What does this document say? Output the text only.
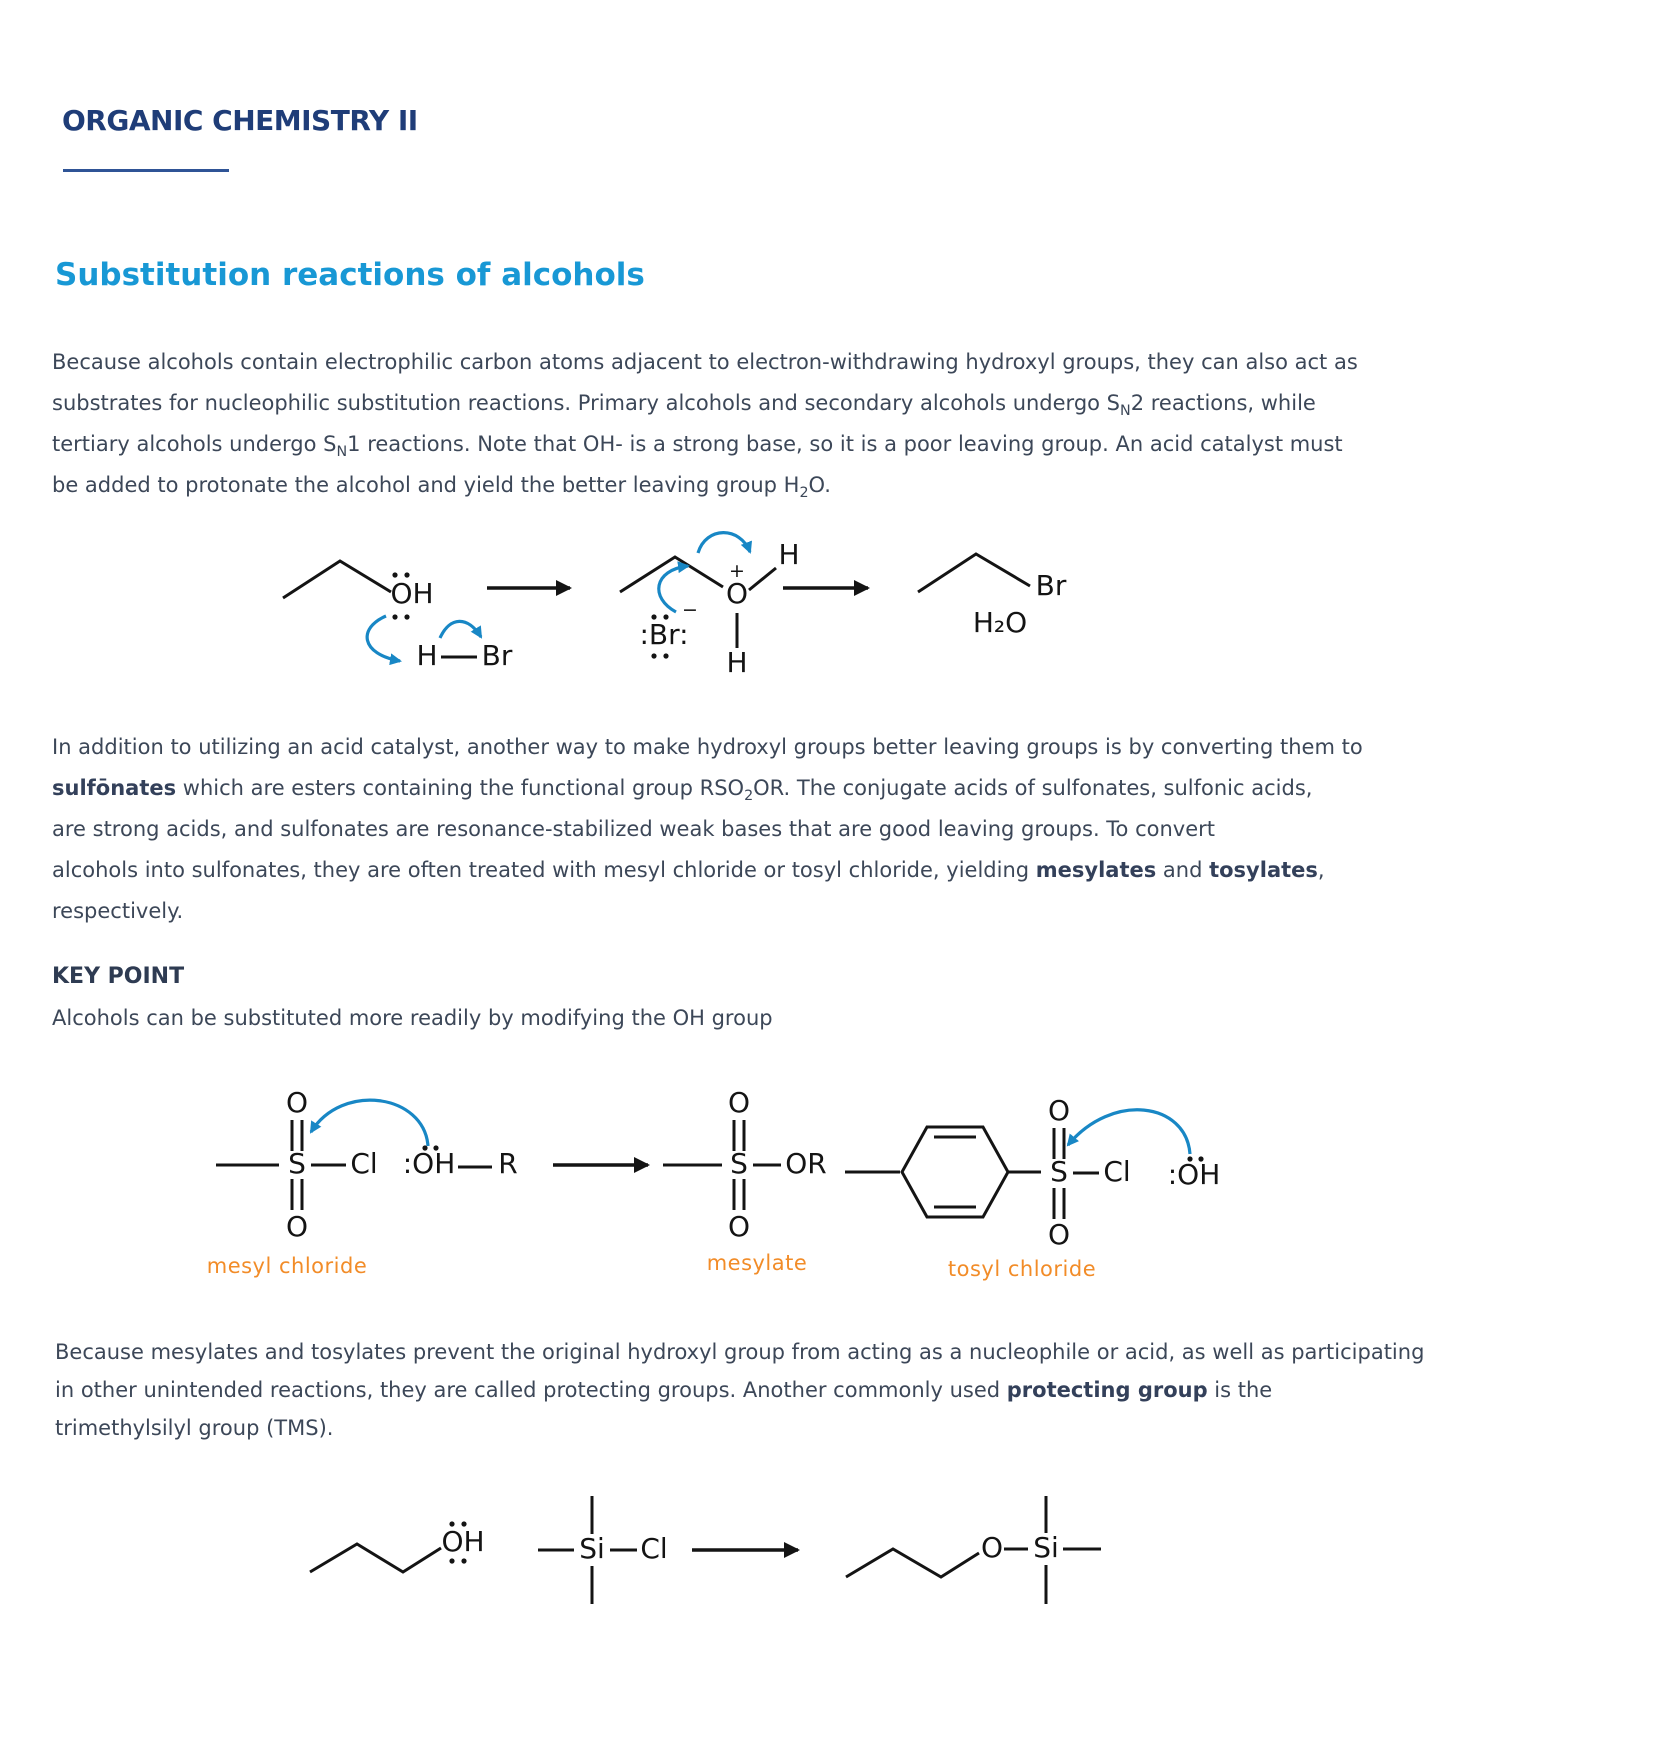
ORGANIC CHEMISTRY II
Substitution reactions of alcohols
Because alcohols contain electrophilic carbon atoms adjacent to electron-withdrawing hydroxyl groups, they can also act as
substrates for nucleophilic substitution reactions. Primary alcohols and secondary alcohols undergo $S_N2$ reactions, while
tertiary alcohols undergo $S_N1$ reactions. Note that OH- is a strong base, so it is a poor leaving group. An acid catalyst must
be added to protonate the alcohol and yield the better leaving group $H_2O$.
OH
H Br
O
+ H
H
−
:Br:
Br
H₂O
In addition to utilizing an acid catalyst, another way to make hydroxyl groups better leaving groups is by converting them to
sulfōnates which are esters containing the functional group $RSO_2OR$. The conjugate acids of sulfonates, sulfonic acids,
are strong acids, and sulfonates are resonance-stabilized weak bases that are good leaving groups. To convert
alcohols into sulfonates, they are often treated with mesyl chloride or tosyl chloride, yielding mesylates and tosylates,
respectively.
KEY POINT
Alcohols can be substituted more readily by modifying the OH group
S
O
O
Cl :OH R	S
O
O
OR	S
O
O
Cl :OH
mesyl chloride	mesylate	tosyl chloride
Because mesylates and tosylates prevent the original hydroxyl group from acting as a nucleophile or acid, as well as participating
in other unintended reactions, they are called protecting groups. Another commonly used protecting group is the
trimethylsilyl group (TMS).
OH	Si Cl	O Si
